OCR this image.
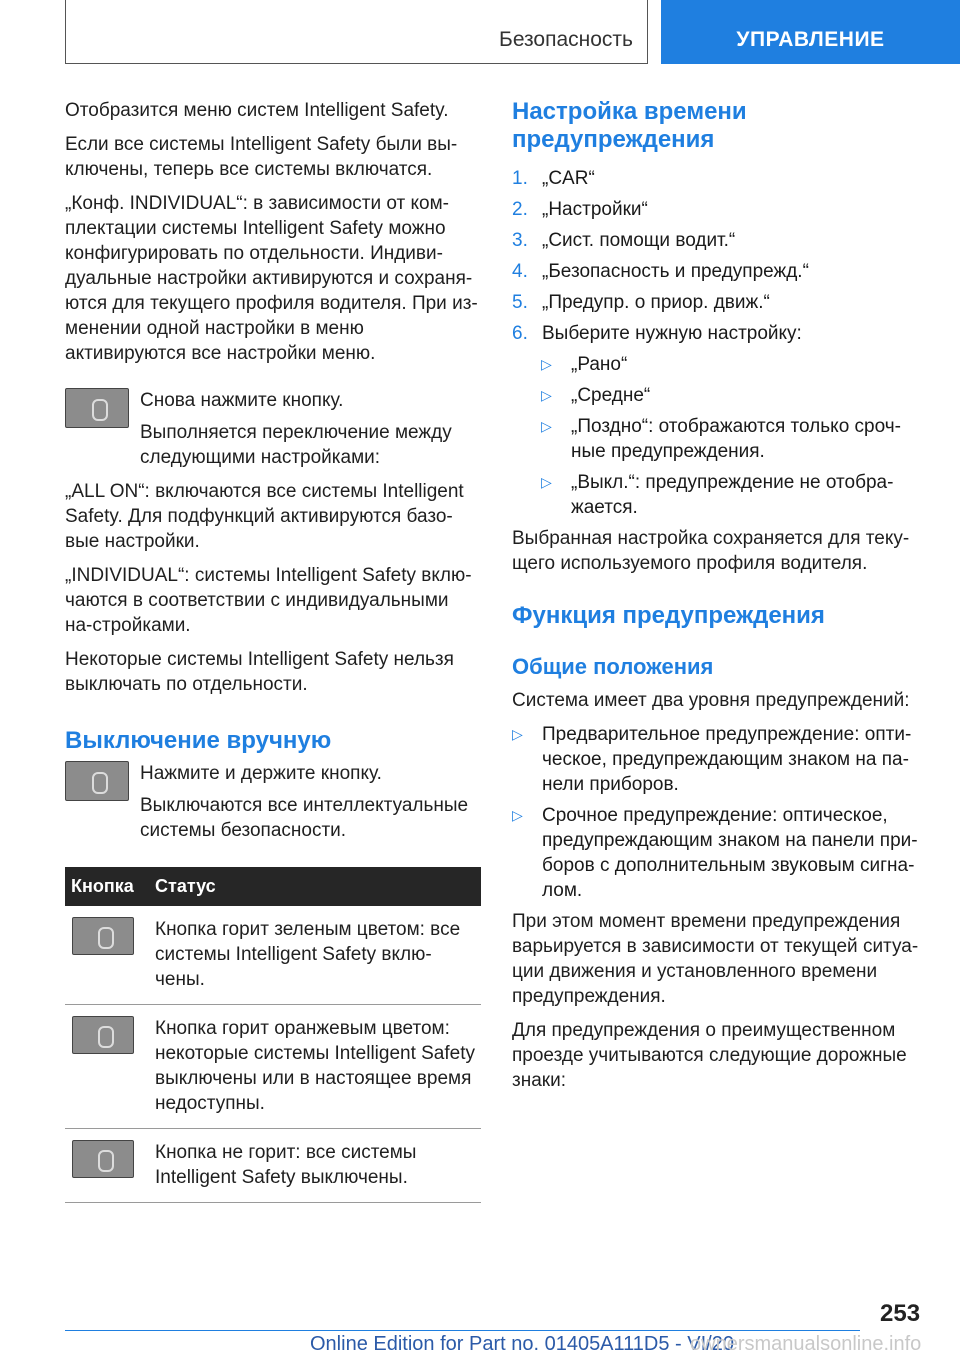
Безопасность	УПРАВЛЕНИЕ

Отобразится меню систем Intelligent Safety.

Если все системы Intelligent Safety были вы-ключены, теперь все системы включатся.

„Конф. INDIVIDUAL“: в зависимости от ком-плектации системы Intelligent Safety можно конфигурировать по отдельности. Индиви-дуальные настройки активируются и сохраня-ются для текущего профиля водителя. При из-менении одной настройки в меню активируются все настройки меню.

Снова нажмите кнопку.

Выполняется переключение между следующими настройками:

„ALL ON“: включаются все системы Intelligent Safety. Для подфункций активируются базо-вые настройки.

„INDIVIDUAL“: системы Intelligent Safety вклю-чаются в соответствии с индивидуальными на-стройками.

Некоторые системы Intelligent Safety нельзя выключать по отдельности.

Выключение вручную

Нажмите и держите кнопку.

Выключаются все интеллектуальные системы безопасности.

Кнопка	Статус

	Кнопка горит зеленым цветом: все системы Intelligent Safety вклю-чены.

	Кнопка горит оранжевым цветом: некоторые системы Intelligent Safety выключены или в настоящее время недоступны.

	Кнопка не горит: все системы Intelligent Safety выключены.
Настройка времени предупреждения
1. „CAR“
2. „Настройки“
3. „Сист. помощи водит.“
4. „Безопасность и предупрежд.“
5. „Предупр. о приор. движ.“
6. Выберите нужную настройку:
▷ „Рано“
▷ „Средне“
▷ „Поздно“: отображаются только сроч-ные предупреждения.
▷ „Выкл.“: предупреждение не отобра-жается.

Выбранная настройка сохраняется для теку-щего используемого профиля водителя.

Функция предупреждения
Общие положения

Система имеет два уровня предупреждений:

▷ Предварительное предупреждение: опти-ческое, предупреждающим знаком на па-нели приборов.
▷ Срочное предупреждение: оптическое, предупреждающим знаком на панели при-боров с дополнительным звуковым сигна-лом.

При этом момент времени предупреждения варьируется в зависимости от текущей ситуа-ции движения и установленного времени предупреждения.

Для предупреждения о преимущественном проезде учитываются следующие дорожные знаки:

253
Online Edition for Part no. 01405A111D5 - VI/20
ownersmanualsonline.info
